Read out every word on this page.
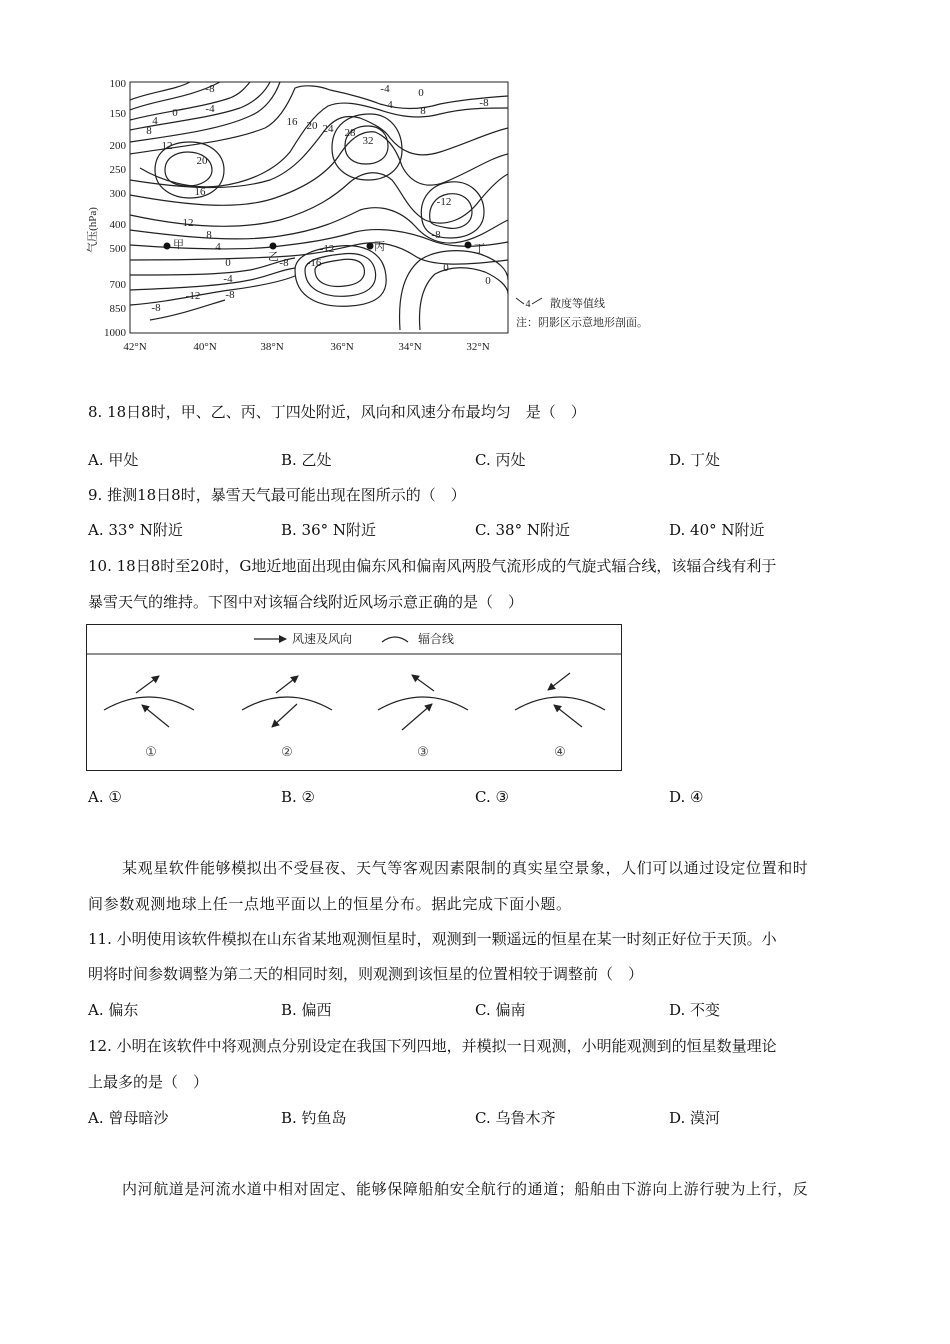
气压(hPa)
100
150
200
250
300
400
500
700
850
1000
42°N	40°N	38°N	36°N	34°N	32°N
-8
-4
0
4
8
12
16 20 24 28
32
-4	0
4	8
-8
16
20
12
8
4
0
-4
-8
-12
-8
-12
-16	0
0
-12
-8
-8
甲
乙
丙	丁
4 散度等值线
注：阴影区示意地形剖面。
8. 18日8时，甲、乙、丙、丁四处附近，风向和风速分布最均匀　是（　）
A. 甲处	B. 乙处	C. 丙处	D. 丁处
9. 推测18日8时，暴雪天气最可能出现在图所示的（　）
A. 33° N附近	B. 36° N附近	C. 38° N附近	D. 40° N附近
10. 18日8时至20时，G地近地面出现由偏东风和偏南风两股气流形成的气旋式辐合线，该辐合线有利于
暴雪天气的维持。下图中对该辐合线附近风场示意正确的是（　）
风速及风向	辐合线
①	②	③	④
A. ①	B. ②	C. ③	D. ④
某观星软件能够模拟出不受昼夜、天气等客观因素限制的真实星空景象，人们可以通过设定位置和时
间参数观测地球上任一点地平面以上的恒星分布。据此完成下面小题。
11. 小明使用该软件模拟在山东省某地观测恒星时，观测到一颗遥远的恒星在某一时刻正好位于天顶。小
明将时间参数调整为第二天的相同时刻，则观测到该恒星的位置相较于调整前（　）
A. 偏东	B. 偏西	C. 偏南	D. 不变
12. 小明在该软件中将观测点分别设定在我国下列四地，并模拟一日观测，小明能观测到的恒星数量理论
上最多的是（　）
A. 曾母暗沙	B. 钓鱼岛	C. 乌鲁木齐	D. 漠河
内河航道是河流水道中相对固定、能够保障船舶安全航行的通道；船舶由下游向上游行驶为上行，反
